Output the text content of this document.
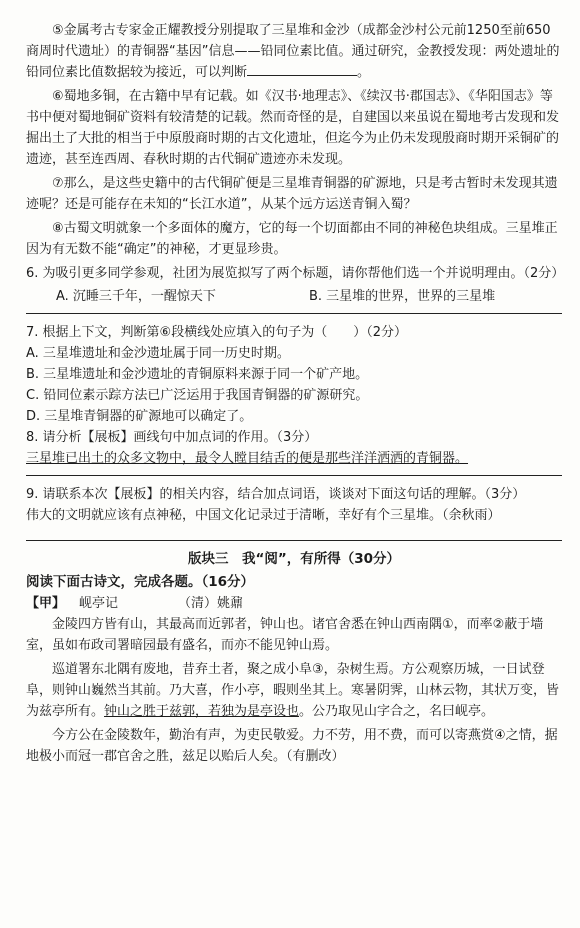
⑤金属考古专家金正耀教授分别提取了三星堆和金沙（成都金沙村公元前1250至前650商周时代遗址）的青铜器“基因”信息——铅同位素比值。通过研究，金教授发现：两处遗址的铅同位素比值数据较为接近，可以判断	。

⑥蜀地多铜，在古籍中早有记载。如《汉书·地理志》、《续汉书·郡国志》、《华阳国志》等书中便对蜀地铜矿资料有较清楚的记载。然而奇怪的是，自建国以来虽说在蜀地考古发现和发掘出土了大批的相当于中原殷商时期的古文化遗址，但迄今为止仍未发现殷商时期开采铜矿的遗迹，甚至连西周、春秋时期的古代铜矿遗迹亦未发现。

⑦那么，是这些史籍中的古代铜矿便是三星堆青铜器的矿源地，只是考古暂时未发现其遗迹呢？还是可能存在未知的“长江水道”，从某个远方运送青铜入蜀？

⑧古蜀文明就象一个多面体的魔方，它的每一个切面都由不同的神秘色块组成。三星堆正因为有无数不能“确定”的神秘，才更显珍贵。

6. 为吸引更多同学参观，社团为展览拟写了两个标题，请你帮他们选一个并说明理由。（2分）

A. 沉睡三千年，一醒惊天下	B. 三星堆的世界，世界的三星堆

7. 根据上下文，判断第⑥段横线处应填入的句子为（　　）（2分）

A. 三星堆遗址和金沙遗址属于同一历史时期。

B. 三星堆遗址和金沙遗址的青铜原料来源于同一个矿产地。

C. 铅同位素示踪方法已广泛运用于我国青铜器的矿源研究。

D. 三星堆青铜器的矿源地可以确定了。

8. 请分析【展板】画线句中加点词的作用。（3分）

三星堆已出土的众多文物中，最令人瞠目结舌的便是那些洋洋洒洒的青铜器。

9. 请联系本次【展板】的相关内容，结合加点词语，谈谈对下面这句话的理解。（3分）

伟大的文明就应该有点神秘，中国文化记录过于清晰，幸好有个三星堆。（余秋雨）

版块三　我“阅”，有所得（30分）

阅读下面古诗文，完成各题。（16分）

【甲】 岘亭记	（清）姚鼐

金陵四方皆有山，其最高而近郭者，钟山也。诸官舍悉在钟山西南隅①，而率②蔽于墙室，虽如布政司署暗园最有盛名，而亦不能见钟山焉。

巡道署东北隅有废地，昔弃土者，聚之成小阜③，杂树生焉。方公观察历城，一日试登阜，则钟山巍然当其前。乃大喜，作小亭，暇则坐其上。寒暑阴霁，山林云物，其状万变，皆为兹亭所有。钟山之胜于兹郭，若独为是亭设也。公乃取见山字合之，名曰岘亭。

今方公在金陵数年，勤治有声，为吏民敬爱。力不劳，用不费，而可以寄燕赏④之情，据地极小而冠一郡官舍之胜，兹足以贻后人矣。（有删改）
